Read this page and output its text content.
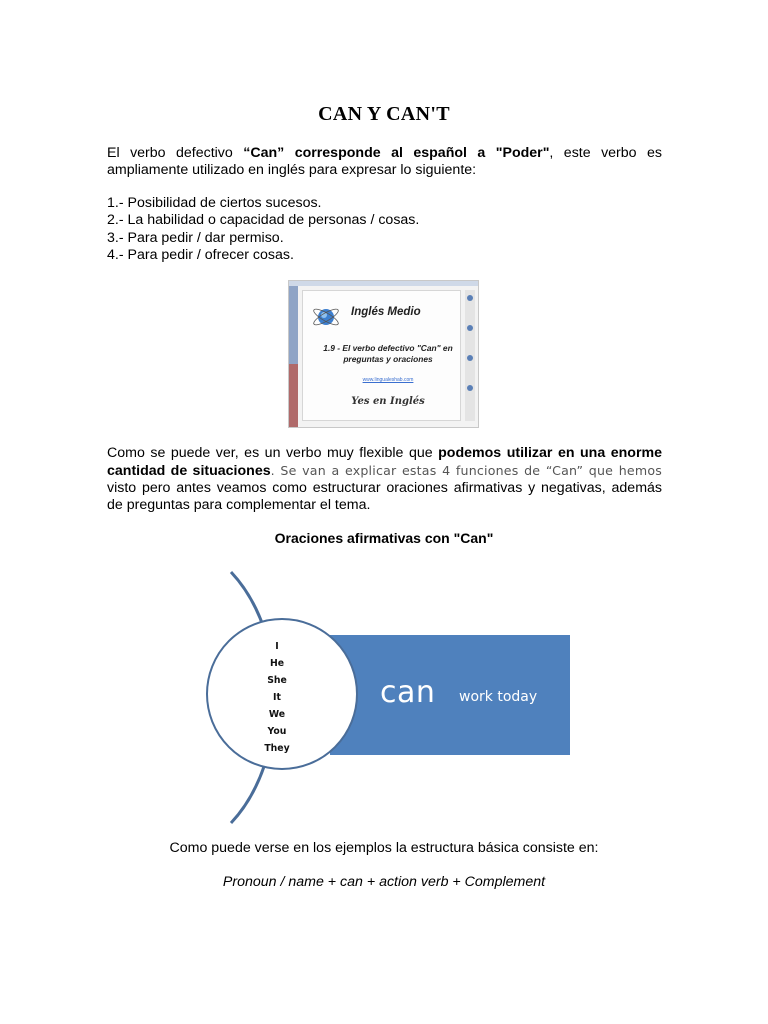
CAN Y CAN'T
El verbo defectivo “Can” corresponde al español a "Poder", este verbo es ampliamente utilizado en inglés para expresar lo siguiente:
1.- Posibilidad de ciertos sucesos.
2.- La habilidad o capacidad de personas / cosas.
3.- Para pedir / dar permiso.
4.- Para pedir / ofrecer cosas.
Inglés Medio
1.9 - El verbo defectivo "Can" en
preguntas y oraciones
www.lingualeshab.com
Yes en Inglés
Como se puede ver, es un verbo muy flexible que podemos utilizar en una enorme cantidad de situaciones. Se van a explicar estas 4 funciones de “Can” que hemos visto pero antes veamos como estructurar oraciones afirmativas y negativas, además de preguntas para complementar el tema.
Oraciones afirmativas con "Can"
I
He
She
It
We
You
They
can work today
Como puede verse en los ejemplos la estructura básica consiste en:
Pronoun / name + can + action verb + Complement
